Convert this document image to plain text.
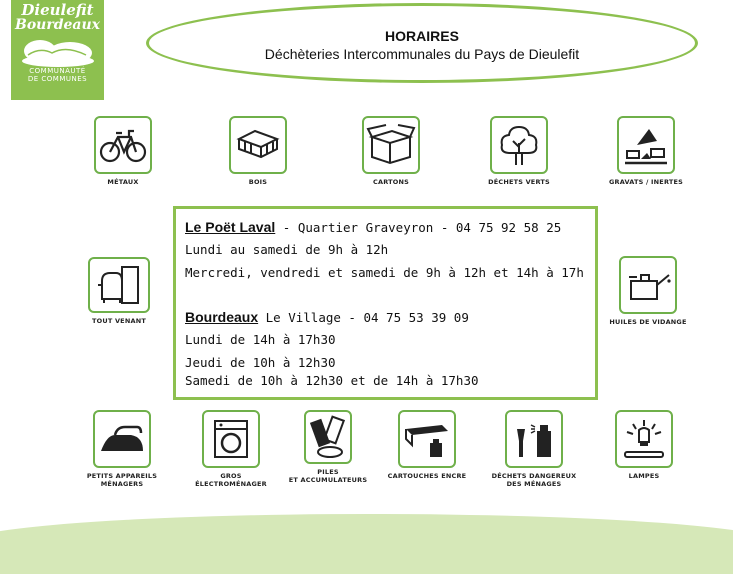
Dieulefit
Bourdeaux
COMMUNAUTÉ
DE COMMUNES
HORAIRES
Déchèteries Intercommunales du Pays de Dieulefit
MÉTAUX	BOIS	CARTONS	DÉCHETS VERTS	GRAVATS / INERTES
TOUT VENANT	HUILES DE VIDANGE
PETITS APPAREILS
MÉNAGERS
GROS
ÉLECTROMÉNAGER
PILES
ET ACCUMULATEURS	CARTOUCHES ENCRE	DÉCHETS DANGEREUX
DES MÉNAGES
LAMPES
Le Poët Laval - Quartier Graveyron - 04 75 92 58 25
Lundi au samedi de 9h à 12h
Mercredi, vendredi et samedi de 9h à 12h et 14h à 17h
Bourdeaux Le Village - 04 75 53 39 09
Lundi de 14h à 17h30
Jeudi de 10h à 12h30
Samedi de 10h à 12h30 et de 14h à 17h30
